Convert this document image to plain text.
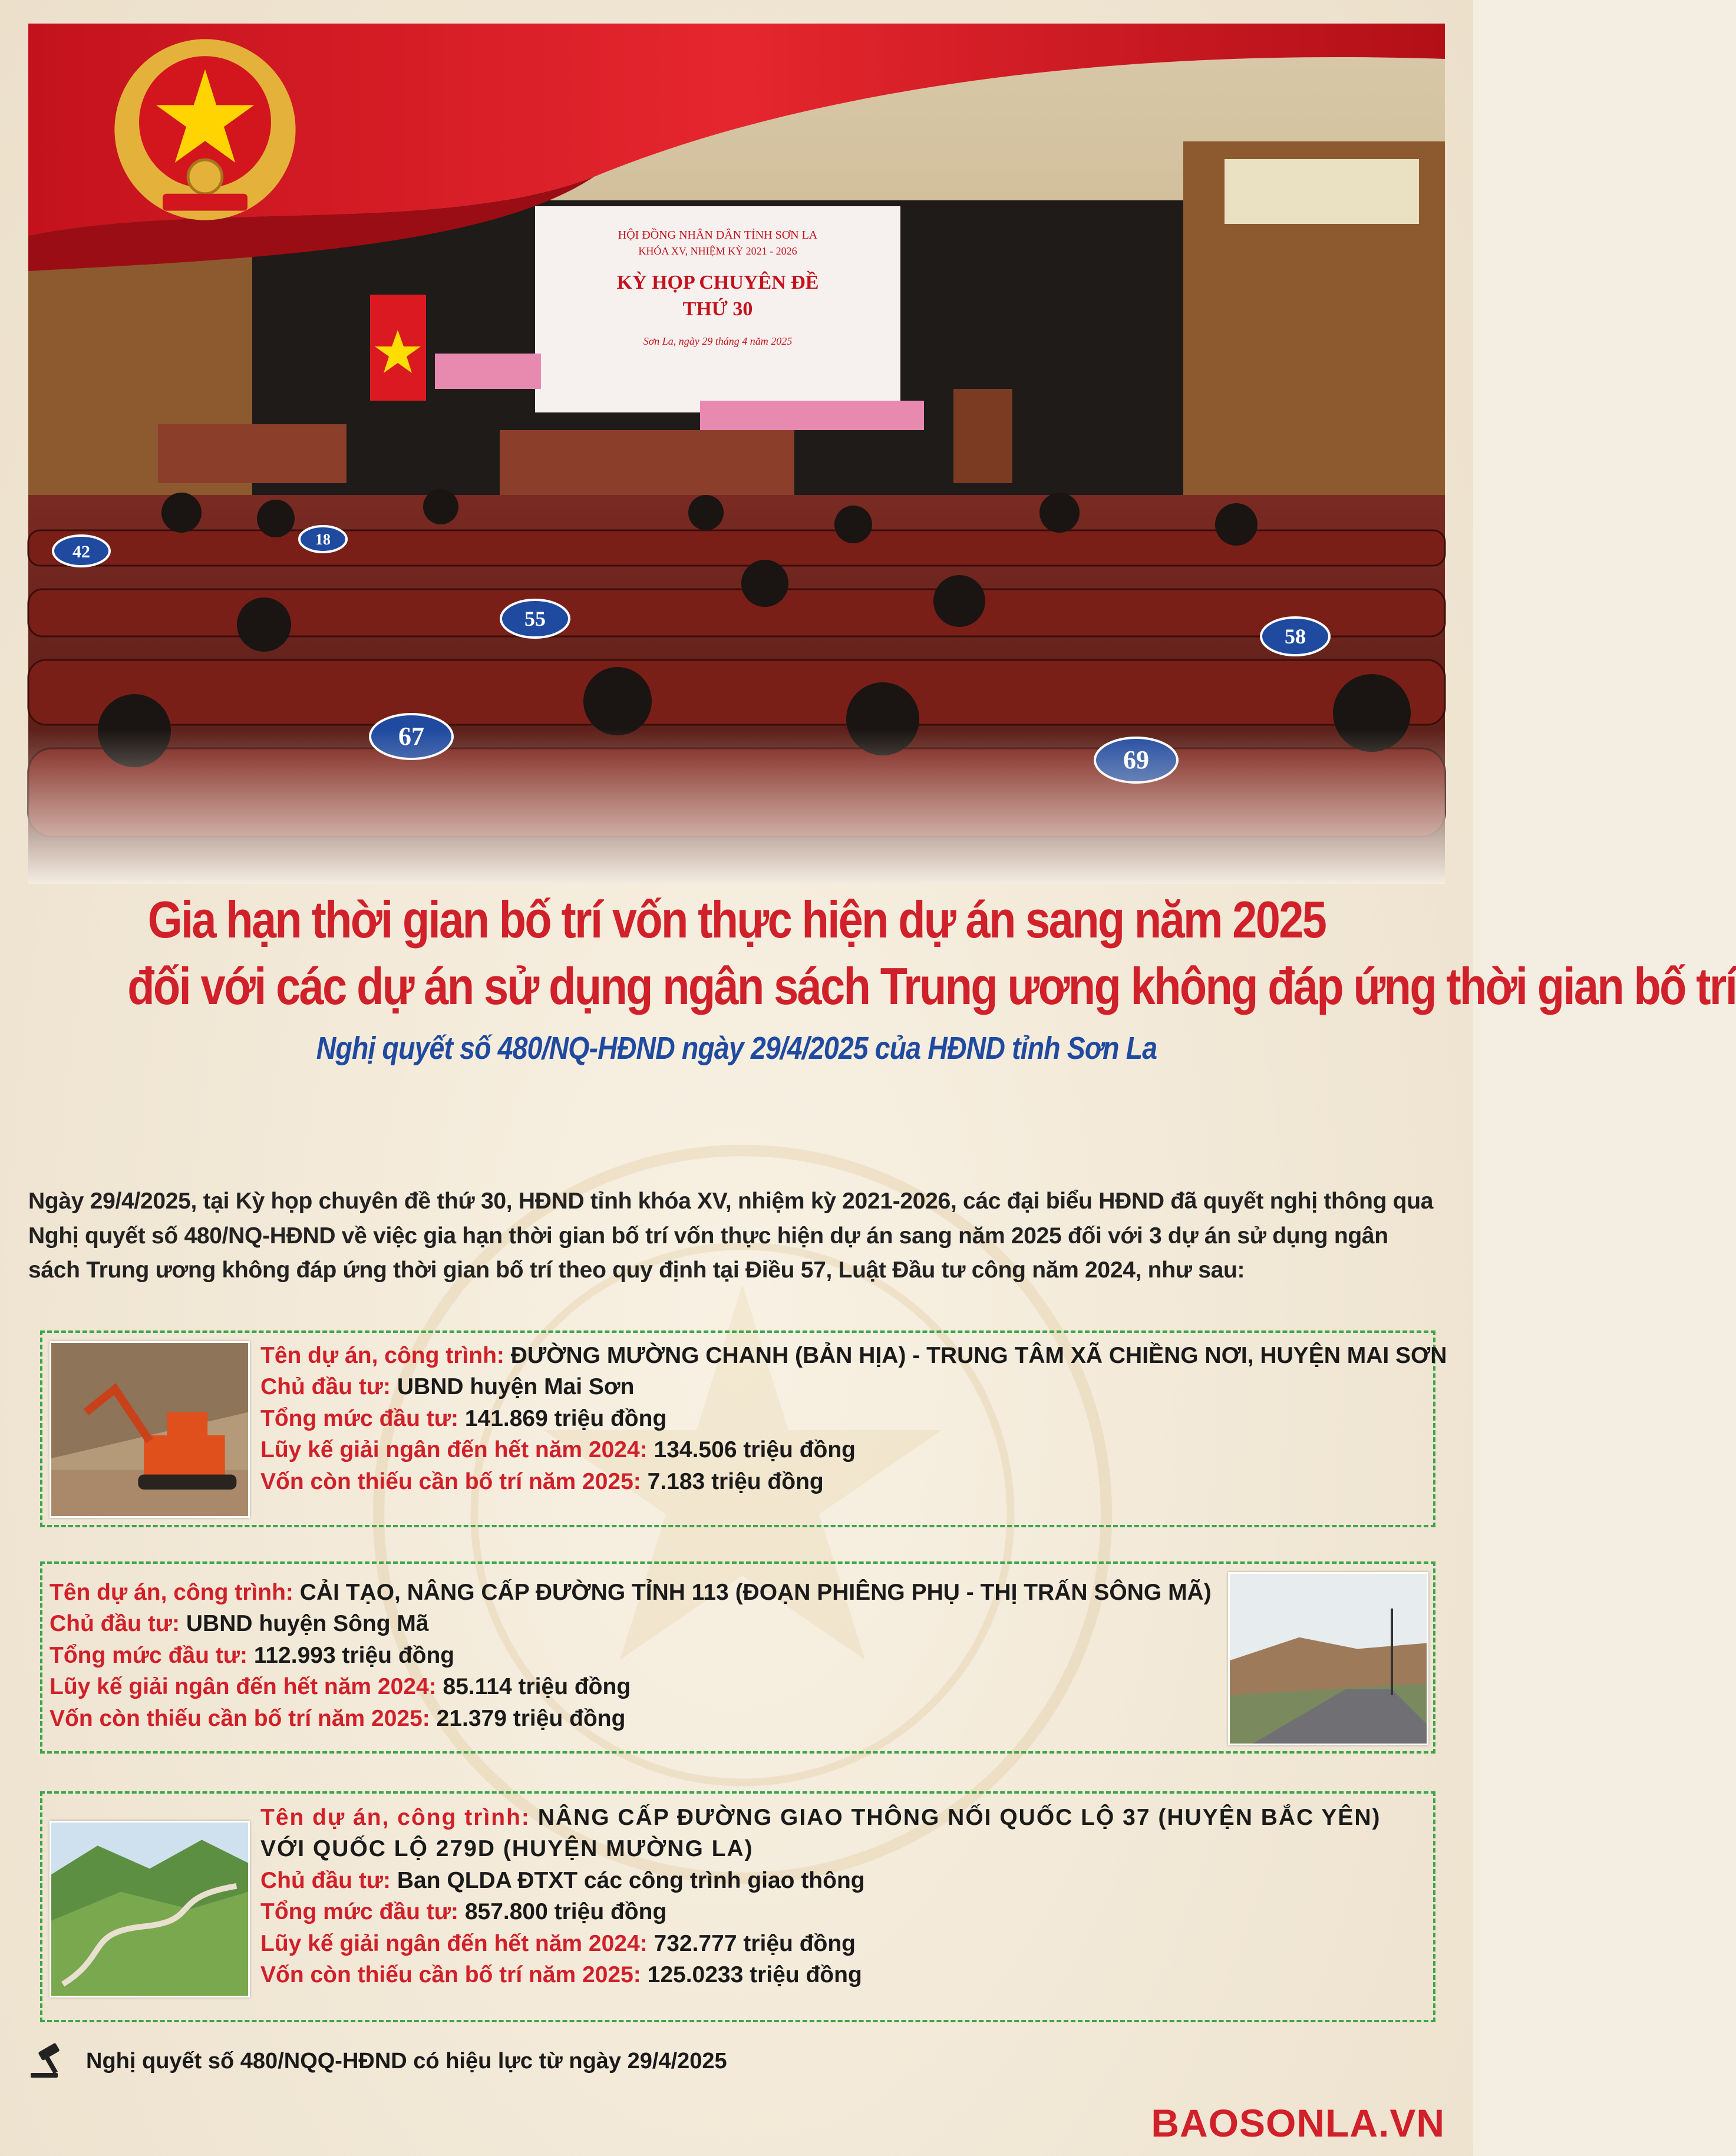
HỘI ĐỒNG NHÂN DÂN TỈNH SƠN LA
KHÓA XV, NHIỆM KỲ 2021 - 2026
KỲ HỌP CHUYÊN ĐỀ
THỨ 30
Sơn La, ngày 29 tháng 4 năm 2025
Gia hạn thời gian bố trí vốn thực hiện dự án sang năm 2025
đối với các dự án sử dụng ngân sách Trung ương không đáp ứng thời gian bố trí
Nghị quyết số 480/NQ-HĐND ngày 29/4/2025 của HĐND tỉnh Sơn La

Ngày 29/4/2025, tại Kỳ họp chuyên đề thứ 30, HĐND tỉnh khóa XV, nhiệm kỳ 2021-2026, các đại biểu HĐND đã quyết nghị thông qua Nghị quyết số 480/NQ-HĐND về việc gia hạn thời gian bố trí vốn thực hiện dự án sang năm 2025 đối với 3 dự án sử dụng ngân sách Trung ương không đáp ứng thời gian bố trí theo quy định tại Điều 57, Luật Đầu tư công năm 2024, như sau:

Tên dự án, công trình: ĐƯỜNG MƯỜNG CHANH (BẢN HỊA) - TRUNG TÂM XÃ CHIỀNG NƠI, HUYỆN MAI SƠN
Chủ đầu tư: UBND huyện Mai Sơn
Tổng mức đầu tư: 141.869 triệu đồng
Lũy kế giải ngân đến hết năm 2024: 134.506 triệu đồng
Vốn còn thiếu cần bố trí năm 2025: 7.183 triệu đồng
Tên dự án, công trình: CẢI TẠO, NÂNG CẤP ĐƯỜNG TỈNH 113 (ĐOẠN PHIÊNG PHỤ - THỊ TRẤN SÔNG MÃ)
Chủ đầu tư: UBND huyện Sông Mã
Tổng mức đầu tư: 112.993 triệu đồng
Lũy kế giải ngân đến hết năm 2024: 85.114 triệu đồng
Vốn còn thiếu cần bố trí năm 2025: 21.379 triệu đồng
Tên dự án, công trình: NÂNG CẤP ĐƯỜNG GIAO THÔNG NỐI QUỐC LỘ 37 (HUYỆN BẮC YÊN) VỚI QUỐC LỘ 279D (HUYỆN MƯỜNG LA)
Chủ đầu tư: Ban QLDA ĐTXT các công trình giao thông
Tổng mức đầu tư: 857.800 triệu đồng
Lũy kế giải ngân đến hết năm 2024: 732.777 triệu đồng
Vốn còn thiếu cần bố trí năm 2025: 125.0233 triệu đồng
Nghị quyết số 480/NQQ-HĐND có hiệu lực từ ngày 29/4/2025
BAOSONLA.VN
